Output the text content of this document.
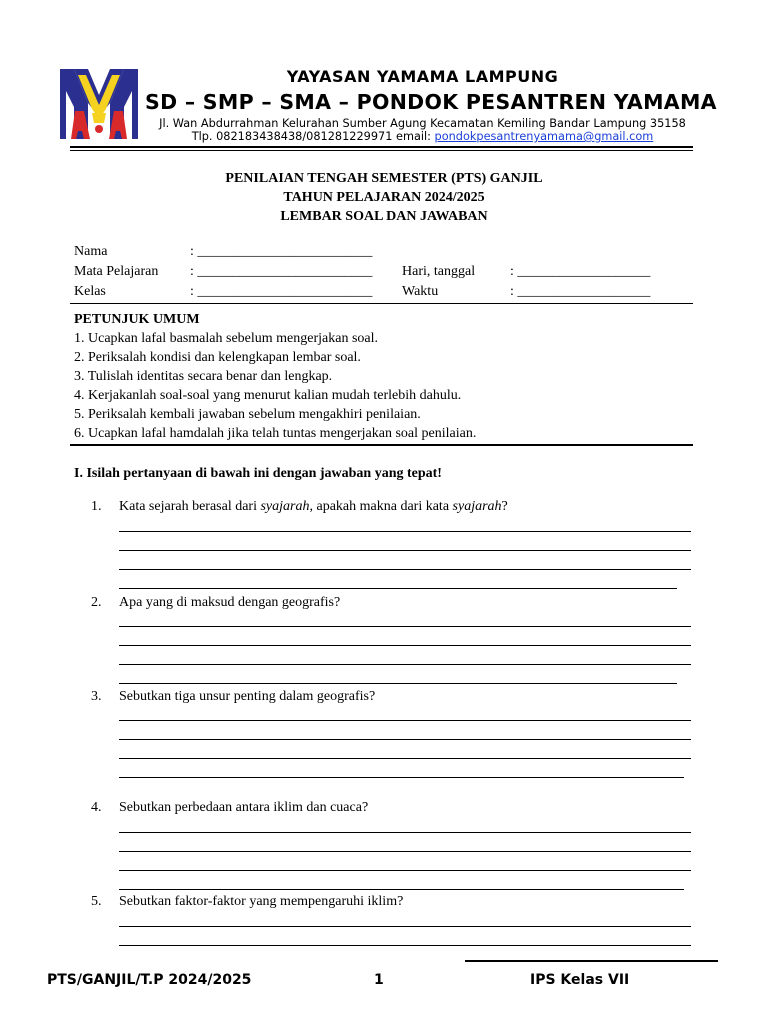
YAYASAN YAMAMA LAMPUNG
SD – SMP – SMA – PONDOK PESANTREN YAMAMA
Jl. Wan Abdurrahman Kelurahan Sumber Agung Kecamatan Kemiling Bandar Lampung 35158
Tlp. 082183438438/081281229971 email: pondokpesantrenyamama@gmail.com
PENILAIAN TENGAH SEMESTER (PTS) GANJIL
TAHUN PELAJARAN 2024/2025
LEMBAR SOAL DAN JAWABAN
Nama	: _________________________
Mata Pelajaran : _________________________ Hari, tanggal : ___________________
Kelas	: _________________________ Waktu	: ___________________
PETUNJUK UMUM
1. Ucapkan lafal basmalah sebelum mengerjakan soal.
2. Periksalah kondisi dan kelengkapan lembar soal.
3. Tulislah identitas secara benar dan lengkap.
4. Kerjakanlah soal-soal yang menurut kalian mudah terlebih dahulu.
5. Periksalah kembali jawaban sebelum mengakhiri penilaian.
6. Ucapkan lafal hamdalah jika telah tuntas mengerjakan soal penilaian.
I. Isilah pertanyaan di bawah ini dengan jawaban yang tepat!
1. Kata sejarah berasal dari syajarah, apakah makna dari kata syajarah?
2. Apa yang di maksud dengan geografis?
3. Sebutkan tiga unsur penting dalam geografis?
4. Sebutkan perbedaan antara iklim dan cuaca?
5. Sebutkan faktor-faktor yang mempengaruhi iklim?
PTS/GANJIL/T.P 2024/2025	1	IPS Kelas VII
